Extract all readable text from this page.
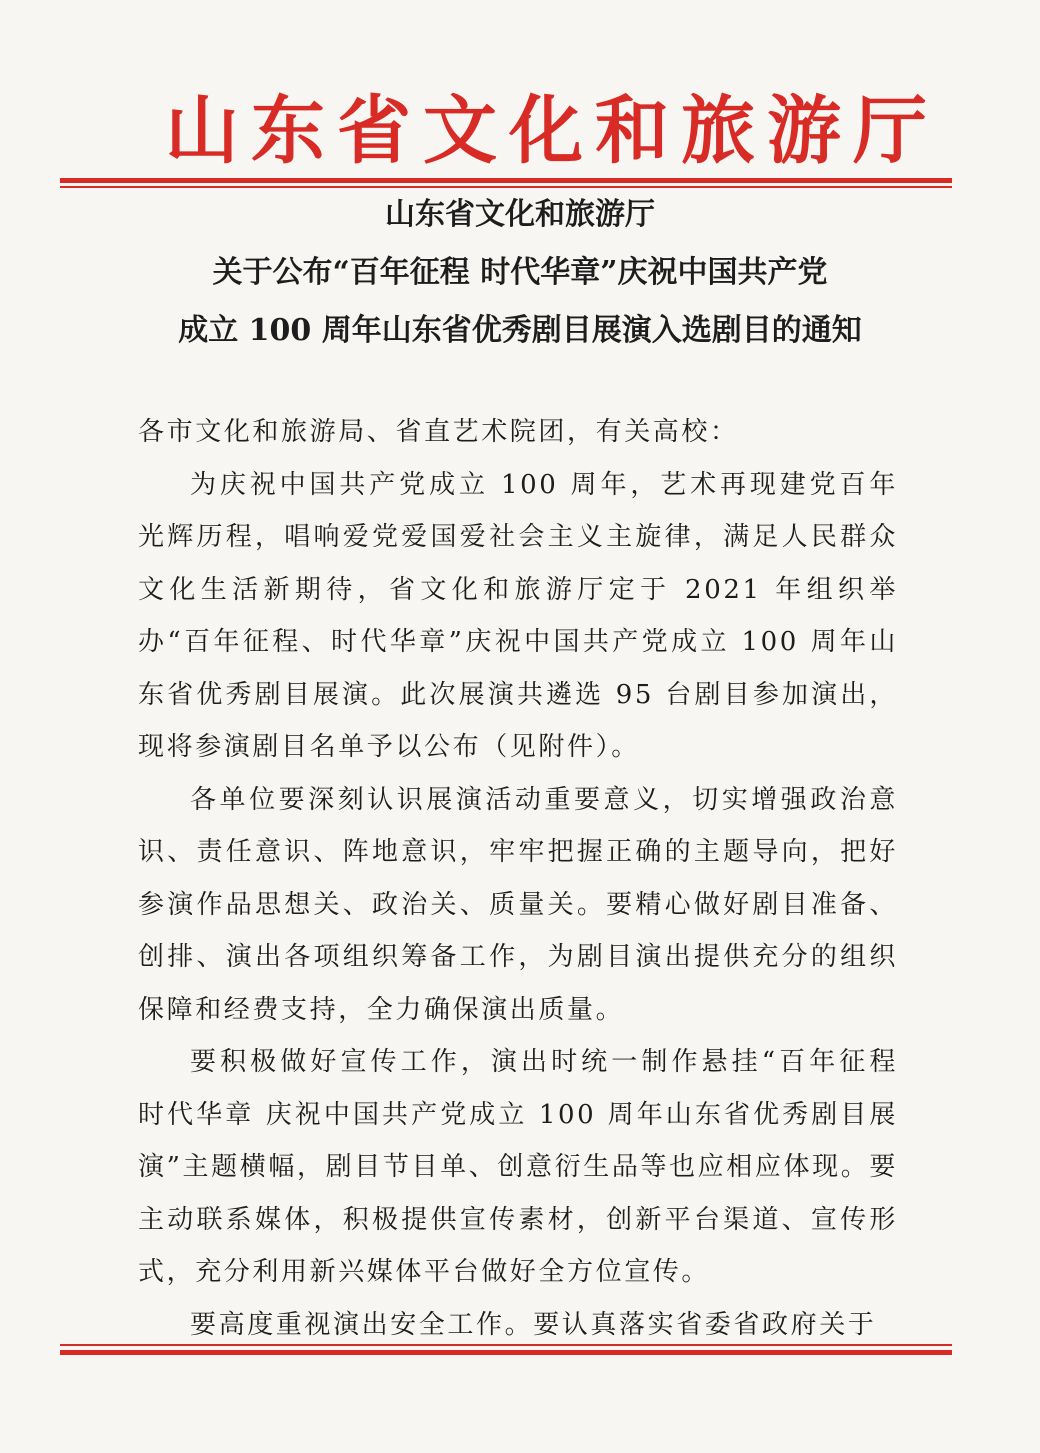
山东省文化和旅游厅
山东省文化和旅游厅
关于公布“百年征程 时代华章”庆祝中国共产党
成立 100 周年山东省优秀剧目展演入选剧目的通知

各市文化和旅游局、省直艺术院团，有关高校：

为庆祝中国共产党成立 100 周年，艺术再现建党百年光辉历程，唱响爱党爱国爱社会主义主旋律，满足人民群众文化生活新期待，省文化和旅游厅定于 2021 年组织举办“百年征程、时代华章”庆祝中国共产党成立 100 周年山东省优秀剧目展演。此次展演共遴选 95 台剧目参加演出，现将参演剧目名单予以公布（见附件）。

各单位要深刻认识展演活动重要意义，切实增强政治意识、责任意识、阵地意识，牢牢把握正确的主题导向，把好参演作品思想关、政治关、质量关。要精心做好剧目准备、创排、演出各项组织筹备工作，为剧目演出提供充分的组织保障和经费支持，全力确保演出质量。

要积极做好宣传工作，演出时统一制作悬挂“百年征程 时代华章 庆祝中国共产党成立 100 周年山东省优秀剧目展演”主题横幅，剧目节目单、创意衍生品等也应相应体现。要主动联系媒体，积极提供宣传素材，创新平台渠道、宣传形式，充分利用新兴媒体平台做好全方位宣传。

要高度重视演出安全工作。要认真落实省委省政府关于
